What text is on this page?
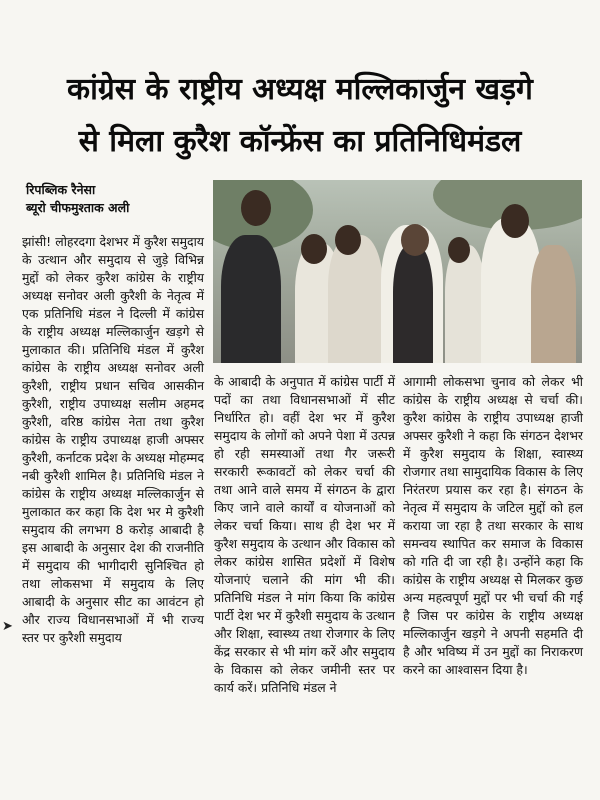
कांग्रेस के राष्ट्रीय अध्यक्ष मल्लिकार्जुन खड़गे
से मिला कुरैश कॉन्फ्रेंस का प्रतिनिधिमंडल
रिपब्लिक रैनेसा
ब्यूरो चीफमुश्ताक अली

झांसी! लोहरदगा देशभर में कुरैश समुदाय के उत्थान और समुदाय से जुड़े विभिन्न मुद्दों को लेकर कुरैश कांग्रेस के राष्ट्रीय अध्यक्ष सनोवर अली कुरैशी के नेतृत्व में एक प्रतिनिधि मंडल ने दिल्ली में कांग्रेस के राष्ट्रीय अध्यक्ष मल्लिकार्जुन खड़गे से मुलाकात की। प्रतिनिधि मंडल में कुरैश कांग्रेस के राष्ट्रीय अध्यक्ष सनोवर अली कुरैशी, राष्ट्रीय प्रधान सचिव आसकीन कुरैशी, राष्ट्रीय उपाध्यक्ष सलीम अहमद कुरैशी, वरिष्ठ कांग्रेस नेता तथा कुरैश कांग्रेस के राष्ट्रीय उपाध्यक्ष हाजी अफ्सर कुरैशी, कर्नाटक प्रदेश के अध्यक्ष मोहम्मद नबी कुरैशी शामिल है। प्रतिनिधि मंडल ने कांग्रेस के राष्ट्रीय अध्यक्ष मल्लिकार्जुन से मुलाकात कर कहा कि देश भर मे कुरैशी समुदाय की लगभग 8 करोड़ आबादी है इस आबादी के अनुसार देश की राजनीति में समुदाय की भागीदारी सुनिश्चित हो तथा लोकसभा में समुदाय के लिए आबादी के अनुसार सीट का आवंटन हो और राज्य विधानसभाओं में भी राज्य स्तर पर कुरैशी समुदाय

➤

के आबादी के अनुपात में कांग्रेस पार्टी में पदों का तथा विधानसभाओं में सीट निर्धारित हो। वहीं देश भर में कुरैश समुदाय के लोगों को अपने पेशा में उत्पन्न हो रही समस्याओं तथा गैर जरूरी सरकारी रूकावटों को लेकर चर्चा की तथा आने वाले समय में संगठन के द्वारा किए जाने वाले कार्यों व योजनाओं को लेकर चर्चा किया। साथ ही देश भर में कुरैश समुदाय के उत्थान और विकास को लेकर कांग्रेस शासित प्रदेशों में विशेष योजनाएं चलाने की मांग भी की। प्रतिनिधि मंडल ने मांग किया कि कांग्रेस पार्टी देश भर में कुरैशी समुदाय के उत्थान और शिक्षा, स्वास्थ्य तथा रोजगार के लिए केंद्र सरकार से भी मांग करें और समुदाय के विकास को लेकर जमीनी स्तर पर कार्य करें। प्रतिनिधि मंडल ने

आगामी लोकसभा चुनाव को लेकर भी कांग्रेस के राष्ट्रीय अध्यक्ष से चर्चा की। कुरैश कांग्रेस के राष्ट्रीय उपाध्यक्ष हाजी अफ्सर कुरैशी ने कहा कि संगठन देशभर में कुरैश समुदाय के शिक्षा, स्वास्थ्य रोजगार तथा सामुदायिक विकास के लिए निरंतरण प्रयास कर रहा है। संगठन के नेतृत्व में समुदाय के जटिल मुद्दों को हल कराया जा रहा है तथा सरकार के साथ समन्वय स्थापित कर समाज के विकास को गति दी जा रही है। उन्होंने कहा कि कांग्रेस के राष्ट्रीय अध्यक्ष से मिलकर कुछ अन्य महत्वपूर्ण मुद्दों पर भी चर्चा की गई है जिस पर कांग्रेस के राष्ट्रीय अध्यक्ष मल्लिकार्जुन खड़गे ने अपनी सहमति दी है और भविष्य में उन मुद्दों का निराकरण करने का आश्वासन दिया है।
